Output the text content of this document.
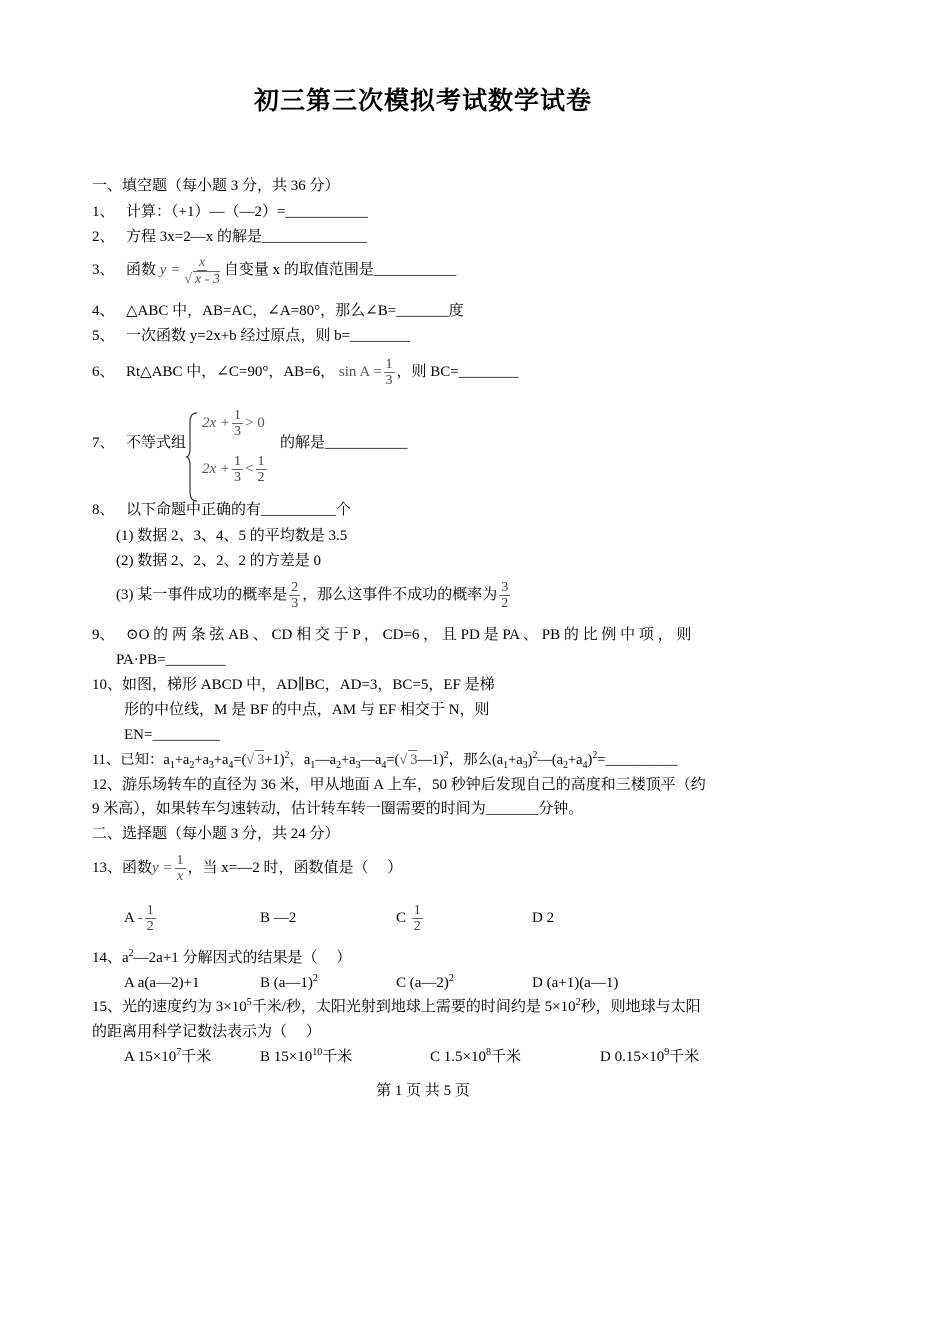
初三第三次模拟考试数学试卷
一、填空题（每小题 3 分，共 36 分）
1、 计算：（+1）—（—2）=___________
2、 方程 3x=2—x 的解是______________
3、 函数 $y = \frac{x}{√ x - 3}$ 自变量 x 的取值范围是___________
4、 △ABC 中，AB=AC，∠A=80°，那么∠B=_______度
5、 一次函数 y=2x+b 经过原点，则 b=________
6、 Rt△ABC 中，∠C=90°，AB=6， $\sin A = \frac{1}{3}$ ，则 BC=________
7、 不等式组
$2x + \frac{1}{3} > 0$
$2x + \frac{1}{3} < \frac{1}{2}$
的解是___________
8、 以下命题中正确的有__________个
(1) 数据 2、3、4、5 的平均数是 3.5
(2) 数据 2、2、2、2 的方差是 0
(3) 某一事件成功的概率是 $\frac{2}{3}$ ，那么这事件不成功的概率为 $\frac{3}{2}$
9、 ⊙O 的 两 条 弦 AB 、 CD 相 交 于 P ， CD=6 ， 且 PD 是 PA 、 PB 的 比 例 中 项 ， 则
PA·PB=________
10、如图，梯形 ABCD 中，AD∥BC，AD=3，BC=5，EF 是梯
形的中位线，M 是 BF 的中点，AM 与 EF 相交于 N，则
EN=_________
11、已知：$a_1+a_2+a_3+a_4=(√$ 3+1)$^2$，$a_1—a_2+a_3—a_4=(√$ 3—1)$^2$，那么$(a_1+a_3)^2—(a_2+a_4)^2=\_\_\_\_\_\_\_\_\_\_$
12、游乐场转车的直径为 36 米，甲从地面 A 上车，50 秒钟后发现自己的高度和三楼顶平（约
9 米高），如果转车匀速转动，估计转车转一圈需要的时间为_______分钟。
二、选择题（每小题 3 分，共 24 分）
13、函数$y = \frac{1}{x}$ ，当 x=—2 时，函数值是（　 ）
A - $\frac{1}{2}$	B —2	C $\frac{1}{2}$	D 2
14、$a^2—2a+1$ 分解因式的结果是（　 ）
A a(a—2)+1	B (a—1)$^2$	C (a—2)$^2$	D (a+1)(a—1)
15、光的速度约为 $3\times 10^5$千米/秒，太阳光射到地球上需要的时间约是 $5\times 10^2$秒，则地球与太阳
的距离用科学记数法表示为（　 ）
A $15\times 10^7$千米	B $15\times 10^{10}$千米	C $1.5\times 10^8$千米	D $0.15\times 10^9$千米
第 1 页 共 5 页
